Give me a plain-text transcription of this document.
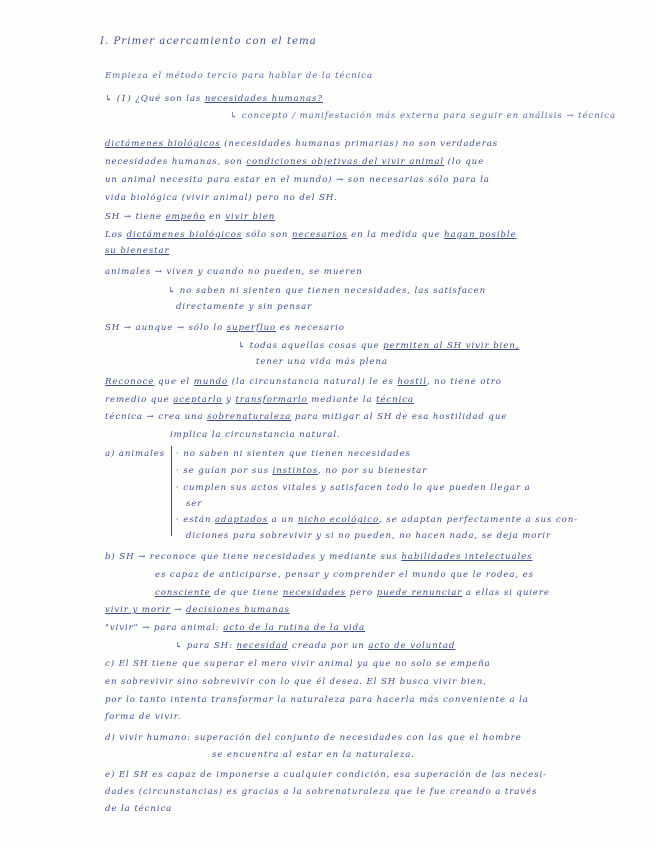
I. Primer acercamiento con el tema
Empieza el método tercio para hablar de la técnica
↳ (1) ¿Qué son las necesidades humanas?
↳ concepto / manifestación más externa para seguir en análisis → técnica
dictámenes biológicos (necesidades humanas primarias) no son verdaderas
necesidades humanas, son condiciones objetivas del vivir animal (lo que
un animal necesita para estar en el mundo) → son necesarias sólo para la
vida biológica (vivir animal) pero no del SH.
SH → tiene empeño en vivir bien
Los dictámenes biológicos sólo son necesarios en la medida que hagan posible
su bienestar
animales → viven y cuando no pueden, se mueren
↳ no saben ni sienten que tienen necesidades, las satisfacen
directamente y sin pensar
SH → aunque → sólo lo superfluo es necesario
↳ todas aquellas cosas que permiten al SH vivir bien,
tener una vida más plena
Reconoce que el mundo (la circunstancia natural) le es hostil, no tiene otro
remedio que aceptarlo y transformarlo mediante la técnica
técnica → crea una sobrenaturaleza para mitigar al SH de esa hostilidad que
implica la circunstancia natural.
a) animales · no saben ni sienten que tienen necesidades
· se guían por sus instintos, no por su bienestar
· cumplen sus actos vitales y satisfacen todo lo que pueden llegar a
ser
· están adaptados a un nicho ecológico, se adaptan perfectamente a sus con-
diciones para sobrevivir y si no pueden, no hacen nada, se deja morir
b) SH → reconoce que tiene necesidades y mediante sus habilidades intelectuales
es capaz de anticiparse, pensar y comprender el mundo que le rodea, es
consciente de que tiene necesidades pero puede renunciar a ellas si quiere
vivir y morir → decisiones humanas
"vivir" → para animal: acto de la rutina de la vida
↳ para SH: necesidad creada por un acto de voluntad
c) El SH tiene que superar el mero vivir animal ya que no solo se empeña
en sobrevivir sino sobrevivir con lo que él desea. El SH busca vivir bien,
por lo tanto intenta transformar la naturaleza para hacerla más conveniente a la
forma de vivir.
d) vivir humano: superación del conjunto de necesidades con las que el hombre
se encuentra al estar en la naturaleza.
e) El SH es capaz de imponerse a cualquier condición, esa superación de las necesi-
dades (circunstancias) es gracias a la sobrenaturaleza que le fue creando a través
de la técnica
